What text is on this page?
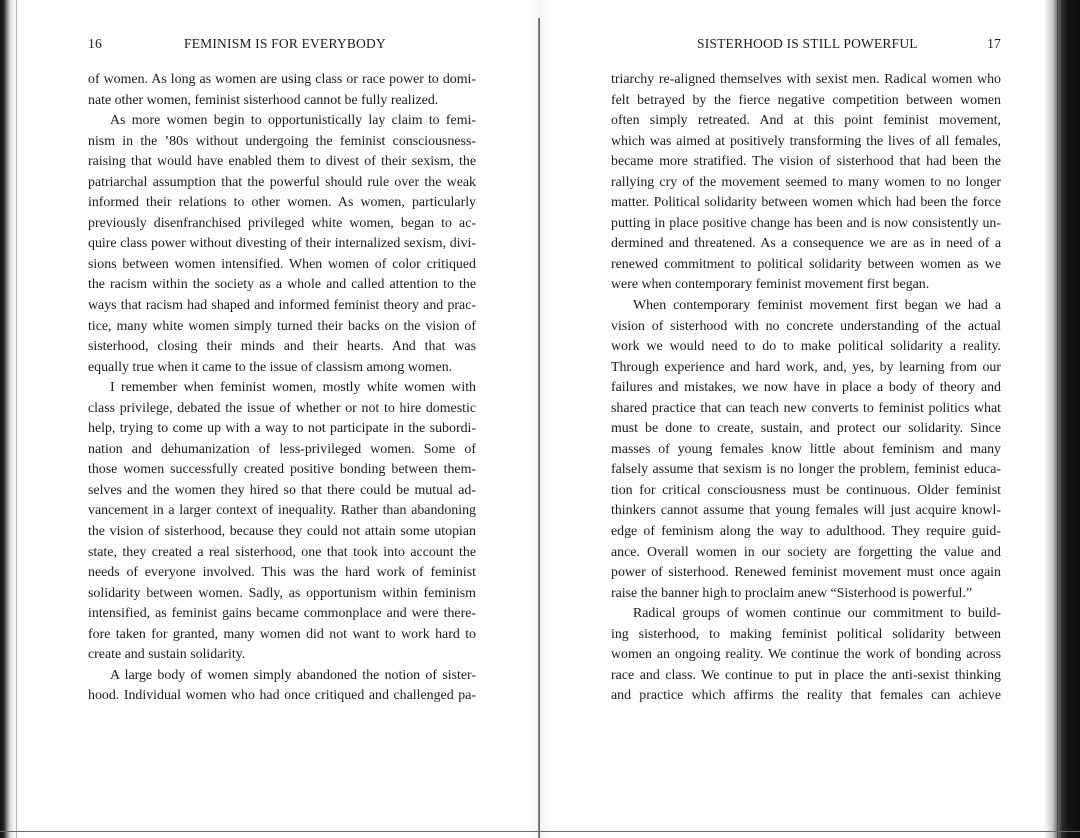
16	FEMINISM IS FOR EVERYBODY
of women. As long as women are using class or race power to domi-
nate other women, feminist sisterhood cannot be fully realized.
As more women begin to opportunistically lay claim to femi-
nism in the ’80s without undergoing the feminist consciousness-
raising that would have enabled them to divest of their sexism, the
patriarchal assumption that the powerful should rule over the weak
informed their relations to other women. As women, particularly
previously disenfranchised privileged white women, began to ac-
quire class power without divesting of their internalized sexism, divi-
sions between women intensified. When women of color critiqued
the racism within the society as a whole and called attention to the
ways that racism had shaped and informed feminist theory and prac-
tice, many white women simply turned their backs on the vision of
sisterhood, closing their minds and their hearts. And that was
equally true when it came to the issue of classism among women.
I remember when feminist women, mostly white women with
class privilege, debated the issue of whether or not to hire domestic
help, trying to come up with a way to not participate in the subordi-
nation and dehumanization of less-privileged women. Some of
those women successfully created positive bonding between them-
selves and the women they hired so that there could be mutual ad-
vancement in a larger context of inequality. Rather than abandoning
the vision of sisterhood, because they could not attain some utopian
state, they created a real sisterhood, one that took into account the
needs of everyone involved. This was the hard work of feminist
solidarity between women. Sadly, as opportunism within feminism
intensified, as feminist gains became commonplace and were there-
fore taken for granted, many women did not want to work hard to
create and sustain solidarity.
A large body of women simply abandoned the notion of sister-
hood. Individual women who had once critiqued and challenged pa-
SISTERHOOD IS STILL POWERFUL	17
triarchy re-aligned themselves with sexist men. Radical women who
felt betrayed by the fierce negative competition between women
often simply retreated. And at this point feminist movement,
which was aimed at positively transforming the lives of all females,
became more stratified. The vision of sisterhood that had been the
rallying cry of the movement seemed to many women to no longer
matter. Political solidarity between women which had been the force
putting in place positive change has been and is now consistently un-
dermined and threatened. As a consequence we are as in need of a
renewed commitment to political solidarity between women as we
were when contemporary feminist movement first began.
When contemporary feminist movement first began we had a
vision of sisterhood with no concrete understanding of the actual
work we would need to do to make political solidarity a reality.
Through experience and hard work, and, yes, by learning from our
failures and mistakes, we now have in place a body of theory and
shared practice that can teach new converts to feminist politics what
must be done to create, sustain, and protect our solidarity. Since
masses of young females know little about feminism and many
falsely assume that sexism is no longer the problem, feminist educa-
tion for critical consciousness must be continuous. Older feminist
thinkers cannot assume that young females will just acquire knowl-
edge of feminism along the way to adulthood. They require guid-
ance. Overall women in our society are forgetting the value and
power of sisterhood. Renewed feminist movement must once again
raise the banner high to proclaim anew “Sisterhood is powerful.”
Radical groups of women continue our commitment to build-
ing sisterhood, to making feminist political solidarity between
women an ongoing reality. We continue the work of bonding across
race and class. We continue to put in place the anti-sexist thinking
and practice which affirms the reality that females can achieve
